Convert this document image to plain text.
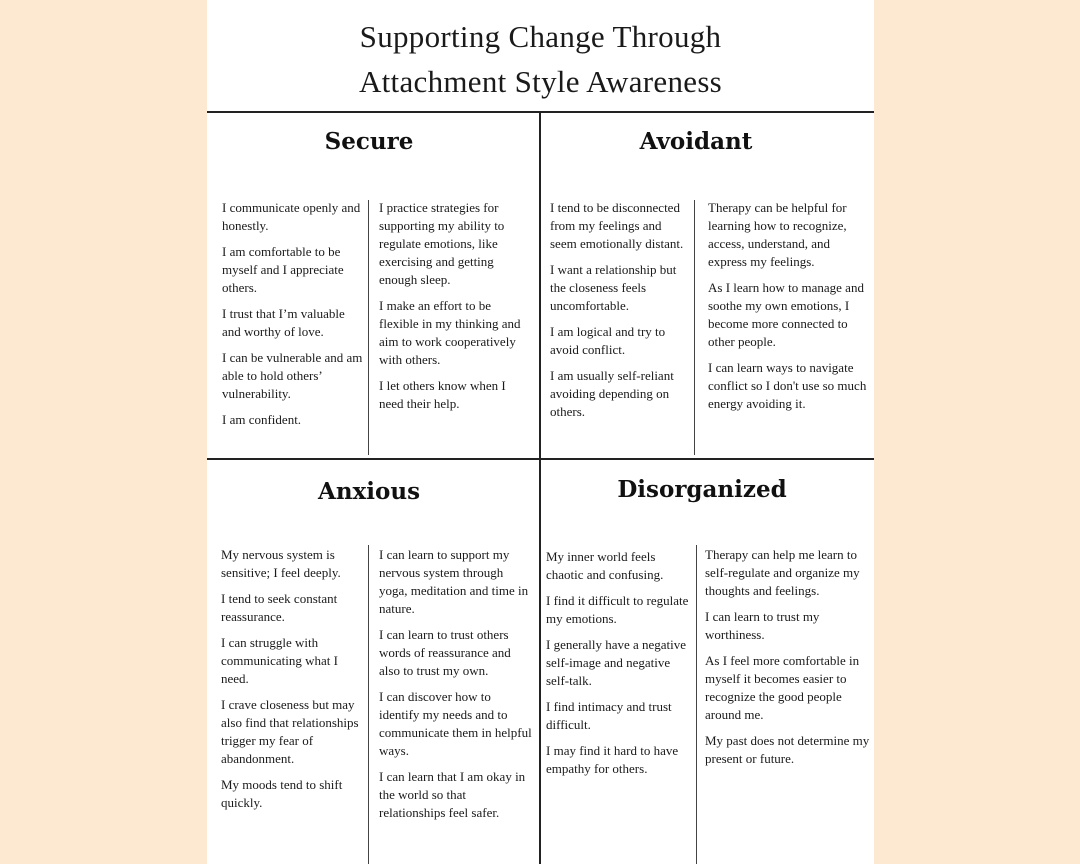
Supporting Change Through
Attachment Style Awareness
Secure

I communicate openly and honestly.

I am comfortable to be myself and I appreciate others.

I trust that I’m valuable and worthy of love.

I can be vulnerable and am able to hold others’ vulnerability.

I am confident.

I practice strategies for supporting my ability to regulate emotions, like exercising and getting enough sleep.

I make an effort to be flexible in my thinking and aim to work cooperatively with others.

I let others know when I need their help.

Avoidant

I tend to be disconnected from my feelings and seem emotionally distant.

I want a relationship but the closeness feels uncomfortable.

I am logical and try to avoid conflict.

I am usually self-reliant avoiding depending on others.

Therapy can be helpful for learning how to recognize, access, understand, and express my feelings.

As I learn how to manage and soothe my own emotions, I become more connected to other people.

I can learn ways to navigate conflict so I don't use so much energy avoiding it.

Anxious

My nervous system is sensitive; I feel deeply.

I tend to seek constant reassurance.

I can struggle with communicating what I need.

I crave closeness but may also find that relationships trigger my fear of abandonment.

My moods tend to shift quickly.

I can learn to support my nervous system through yoga, meditation and time in nature.

I can learn to trust others words of reassurance and also to trust my own.

I can discover how to identify my needs and to communicate them in helpful ways.

I can learn that I am okay in the world so that relationships feel safer.

Disorganized

My inner world feels chaotic and confusing.

I find it difficult to regulate my emotions.

I generally have a negative self-image and negative self-talk.

I find intimacy and trust difficult.

I may find it hard to have empathy for others.

Therapy can help me learn to self-regulate and organize my thoughts and feelings.

I can learn to trust my worthiness.

As I feel more comfortable in myself it becomes easier to recognize the good people around me.

My past does not determine my present or future.
